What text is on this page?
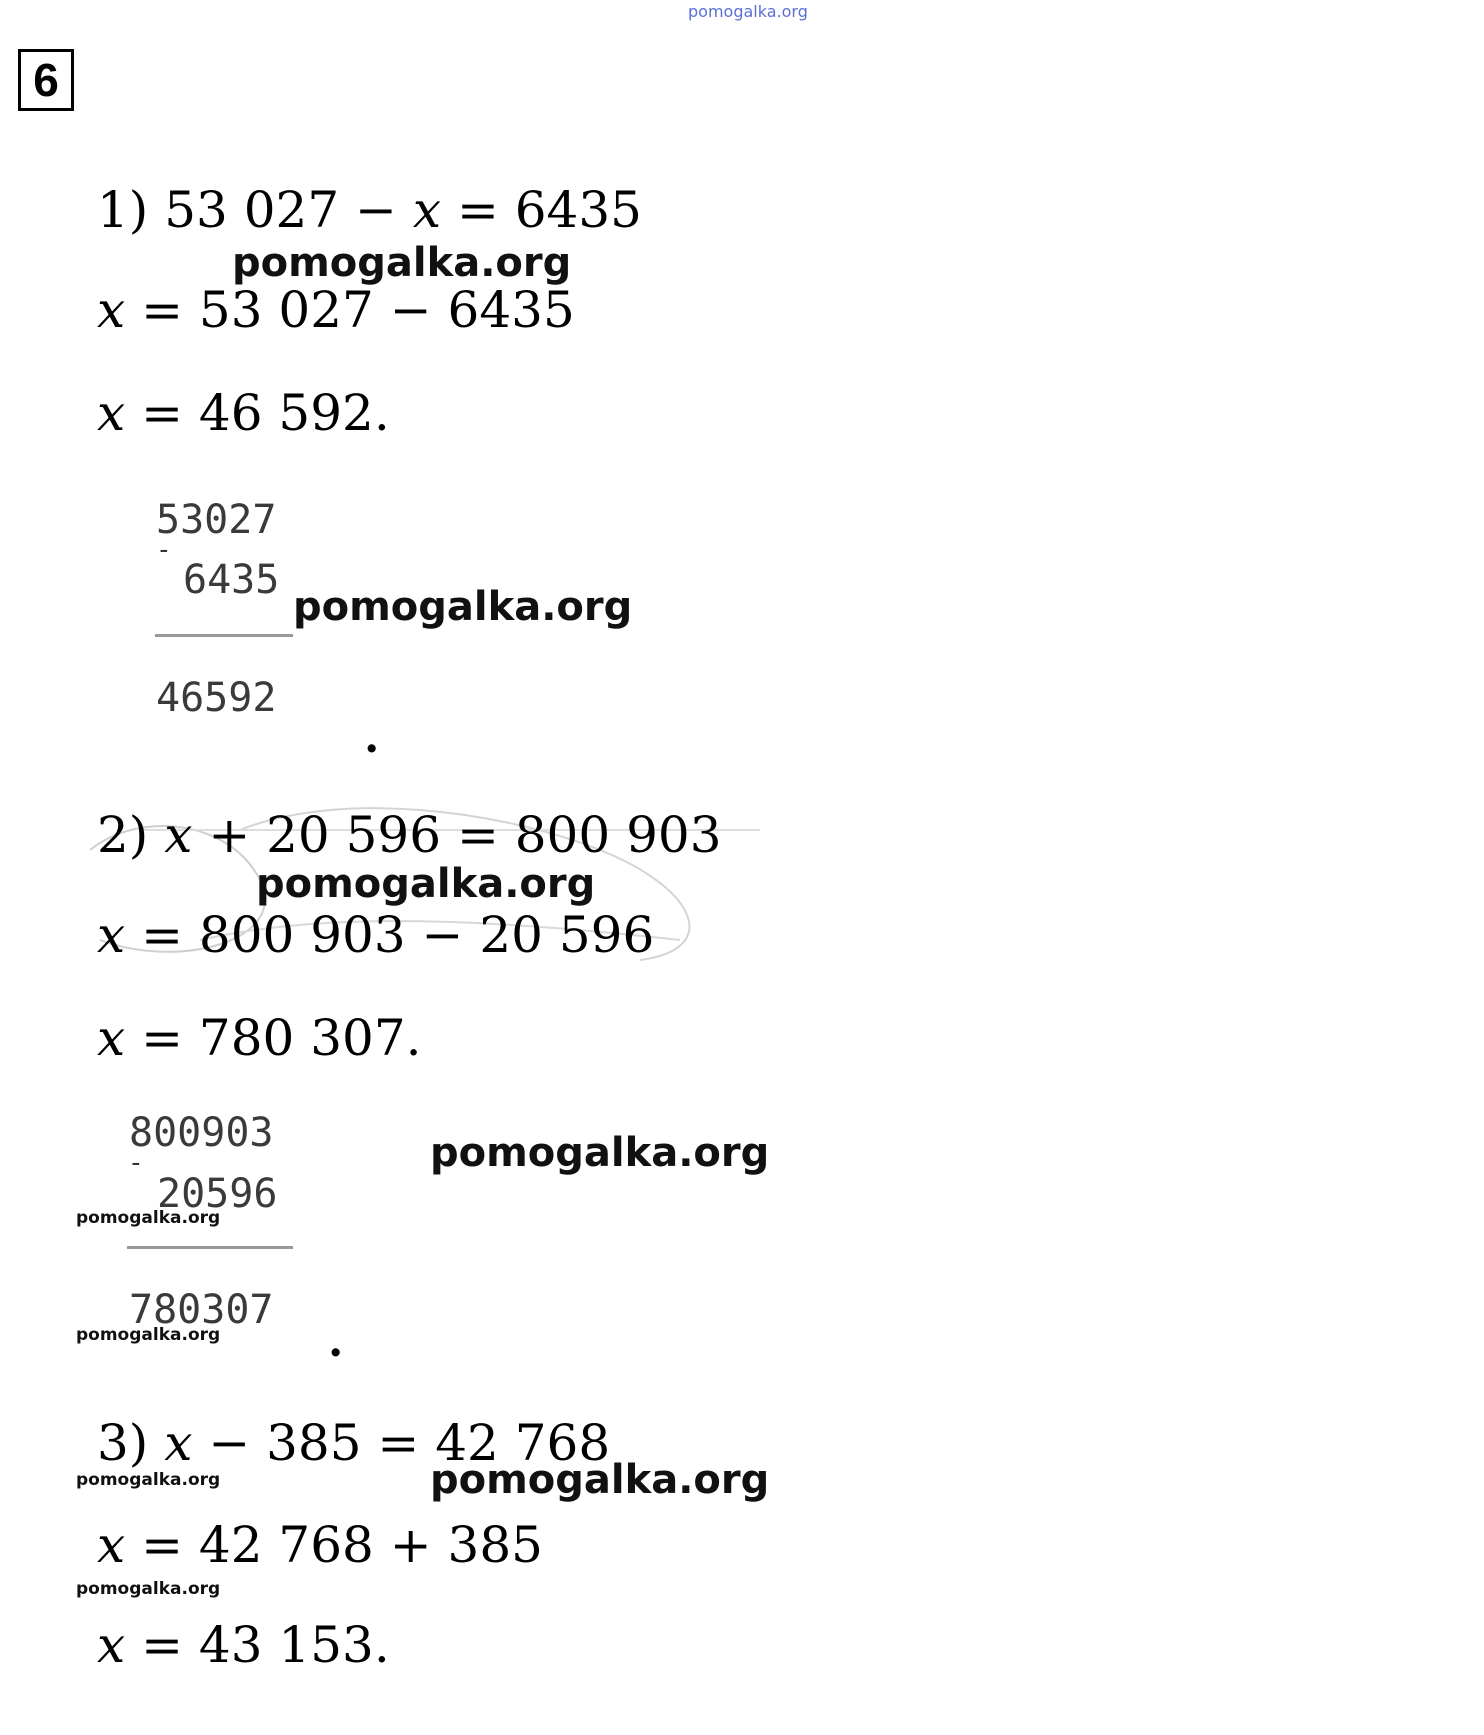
pomogalka.org
6
1) 53 027 − x = 6435
pomogalka.org
x = 53 027 − 6435
x = 46 592.
53027
-
6435
pomogalka.org
46592
.
2) x + 20 596 = 800 903
pomogalka.org
x = 800 903 − 20 596
x = 780 307.
800903
-
20596
pomogalka.org
pomogalka.org
780307
pomogalka.org .
3) x − 385 = 42 768
pomogalka.org	pomogalka.org
x = 42 768 + 385
pomogalka.org
x = 43 153.
